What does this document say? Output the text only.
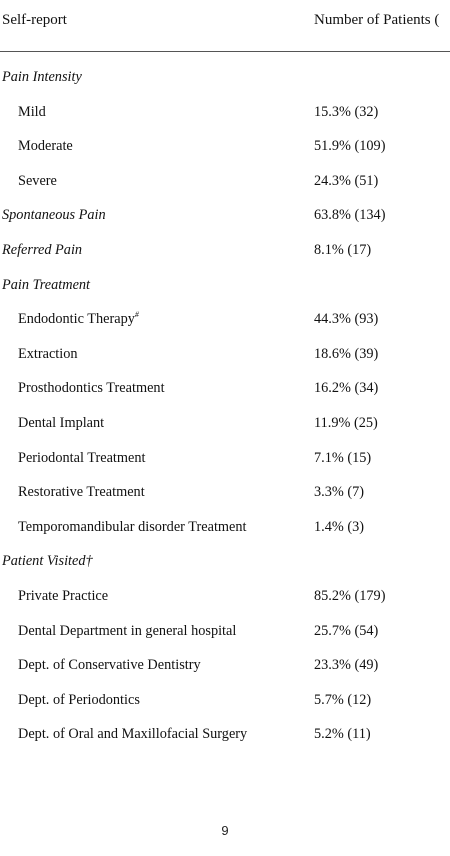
Self-report	Number of Patients (
Pain Intensity
Mild	15.3% (32)
Moderate	51.9% (109)
Severe	24.3% (51)
Spontaneous Pain	63.8% (134)
Referred Pain	8.1% (17)
Pain Treatment
Endodontic Therapy#	44.3% (93)
Extraction	18.6% (39)
Prosthodontics Treatment	16.2% (34)
Dental Implant	11.9% (25)
Periodontal Treatment	7.1% (15)
Restorative Treatment	3.3% (7)
Temporomandibular disorder Treatment	1.4% (3)
Patient Visited†
Private Practice	85.2% (179)
Dental Department in general hospital	25.7% (54)
Dept. of Conservative Dentistry	23.3% (49)
Dept. of Periodontics	5.7% (12)
Dept. of Oral and Maxillofacial Surgery	5.2% (11)
9
